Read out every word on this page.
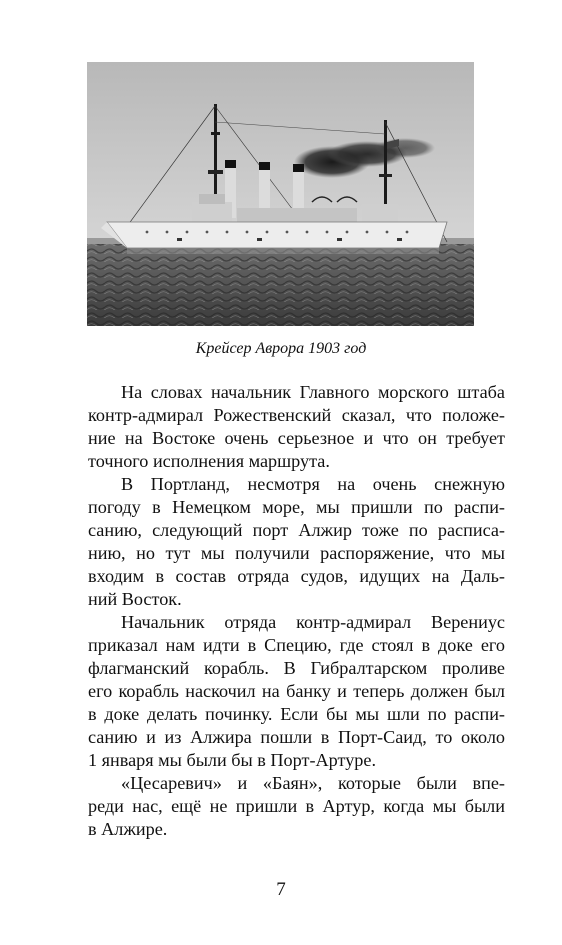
Крейсер Аврора 1903 год
На словах начальник Главного морского штаба
контр-адмирал Рожественский сказал, что положе-
ние на Востоке очень серьезное и что он требует
точного исполнения маршрута.
В Портланд, несмотря на очень снежную
погоду в Немецком море, мы пришли по распи-
санию, следующий порт Алжир тоже по расписа-
нию, но тут мы получили распоряжение, что мы
входим в состав отряда судов, идущих на Даль-
ний Восток.
Начальник отряда контр-адмирал Верениус
приказал нам идти в Специю, где стоял в доке его
флагманский корабль. В Гибралтарском проливе
его корабль наскочил на банку и теперь должен был
в доке делать починку. Если бы мы шли по распи-
санию и из Алжира пошли в Порт-Саид, то около
1 января мы были бы в Порт-Артуре.
«Цесаревич» и «Баян», которые были впе-
реди нас, ещё не пришли в Артур, когда мы были
в Алжире.
7
